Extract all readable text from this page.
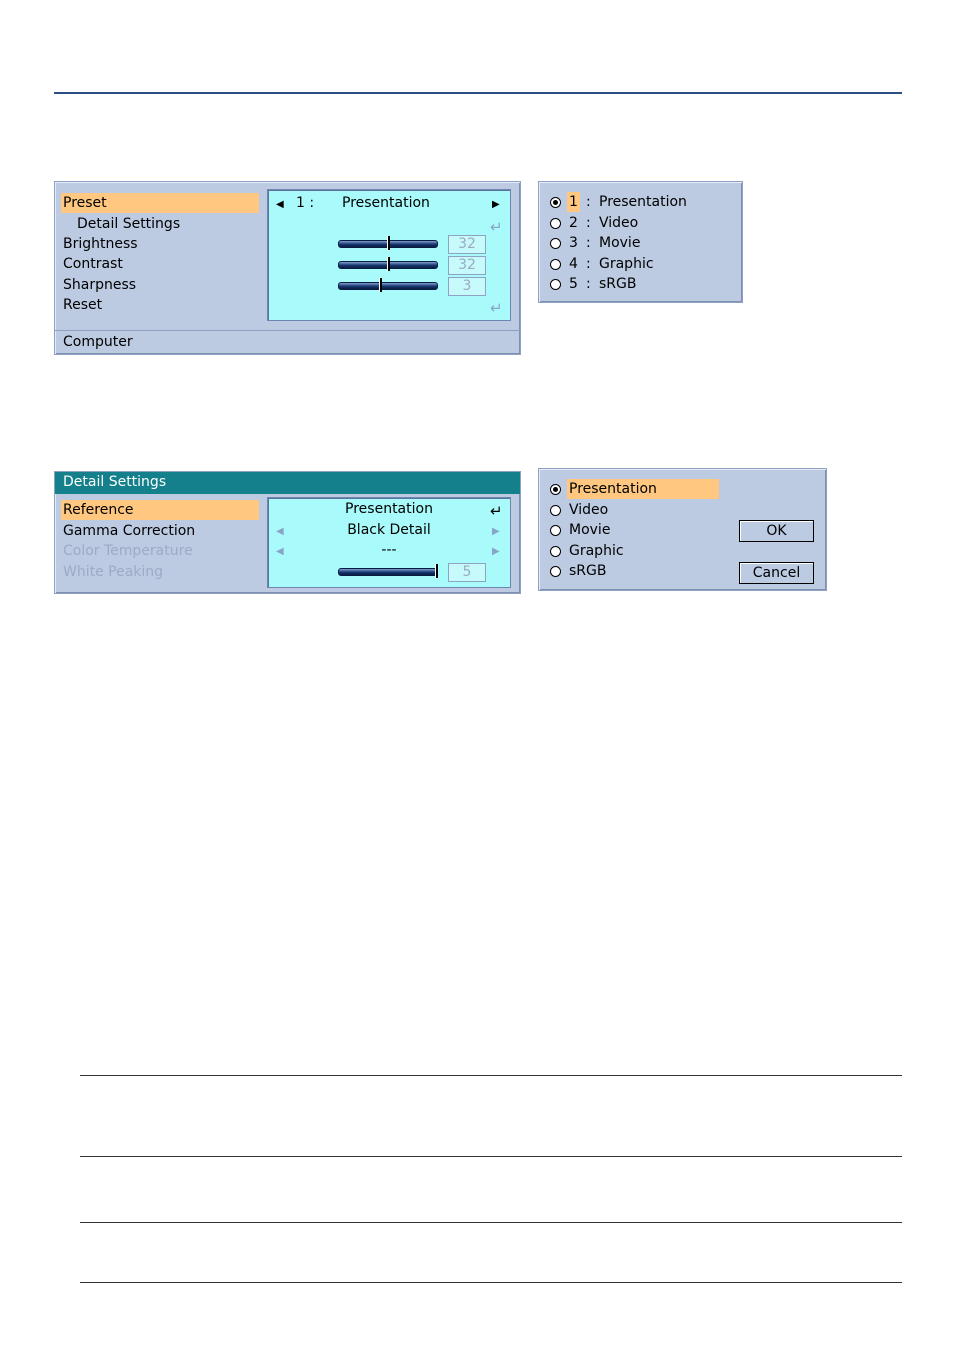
Preset
Detail Settings
Brightness
Contrast
Sharpness
Reset
◀ 1 : Presentation	▶
↵
32
32
3
↵
Computer
1 : Presentation
2 : Video
3 : Movie
4 : Graphic
5 : sRGB
Detail Settings
Reference
Gamma Correction
Color Temperature
White Peaking
Presentation	↵
◀	Black Detail	▶
◀	---	▶
5
Presentation
Video
Movie
Graphic
sRGB
OK
Cancel
